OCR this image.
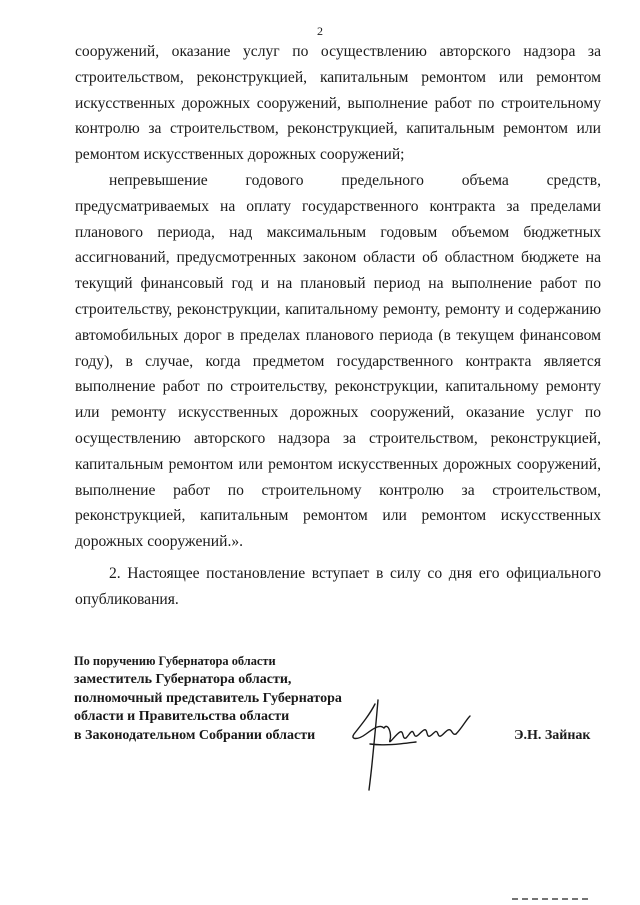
2

сооружений, оказание услуг по осуществлению авторского надзора за строительством, реконструкцией, капитальным ремонтом или ремонтом искусственных дорожных сооружений, выполнение работ по строительному контролю за строительством, реконструкцией, капитальным ремонтом или ремонтом искусственных дорожных сооружений;

непревышение годового предельного объема средств, предусматриваемых на оплату государственного контракта за пределами планового периода, над максимальным годовым объемом бюджетных ассигнований, предусмотренных законом области об областном бюджете на текущий финансовый год и на плановый период на выполнение работ по строительству, реконструкции, капитальному ремонту, ремонту и содержанию автомобильных дорог в пределах планового периода (в текущем финансовом году), в случае, когда предметом государственного контракта является выполнение работ по строительству, реконструкции, капитальному ремонту или ремонту искусственных дорожных сооружений, оказание услуг по осуществлению авторского надзора за строительством, реконструкцией, капитальным ремонтом или ремонтом искусственных дорожных сооружений, выполнение работ по строительному контролю за строительством, реконструкцией, капитальным ремонтом или ремонтом искусственных дорожных сооружений.».

2. Настоящее постановление вступает в силу со дня его официального опубликования.

По поручению Губернатора области
заместитель Губернатора области,
полномочный представитель Губернатора
области и Правительства области
в Законодательном Собрании области	Э.Н. Зайнак
